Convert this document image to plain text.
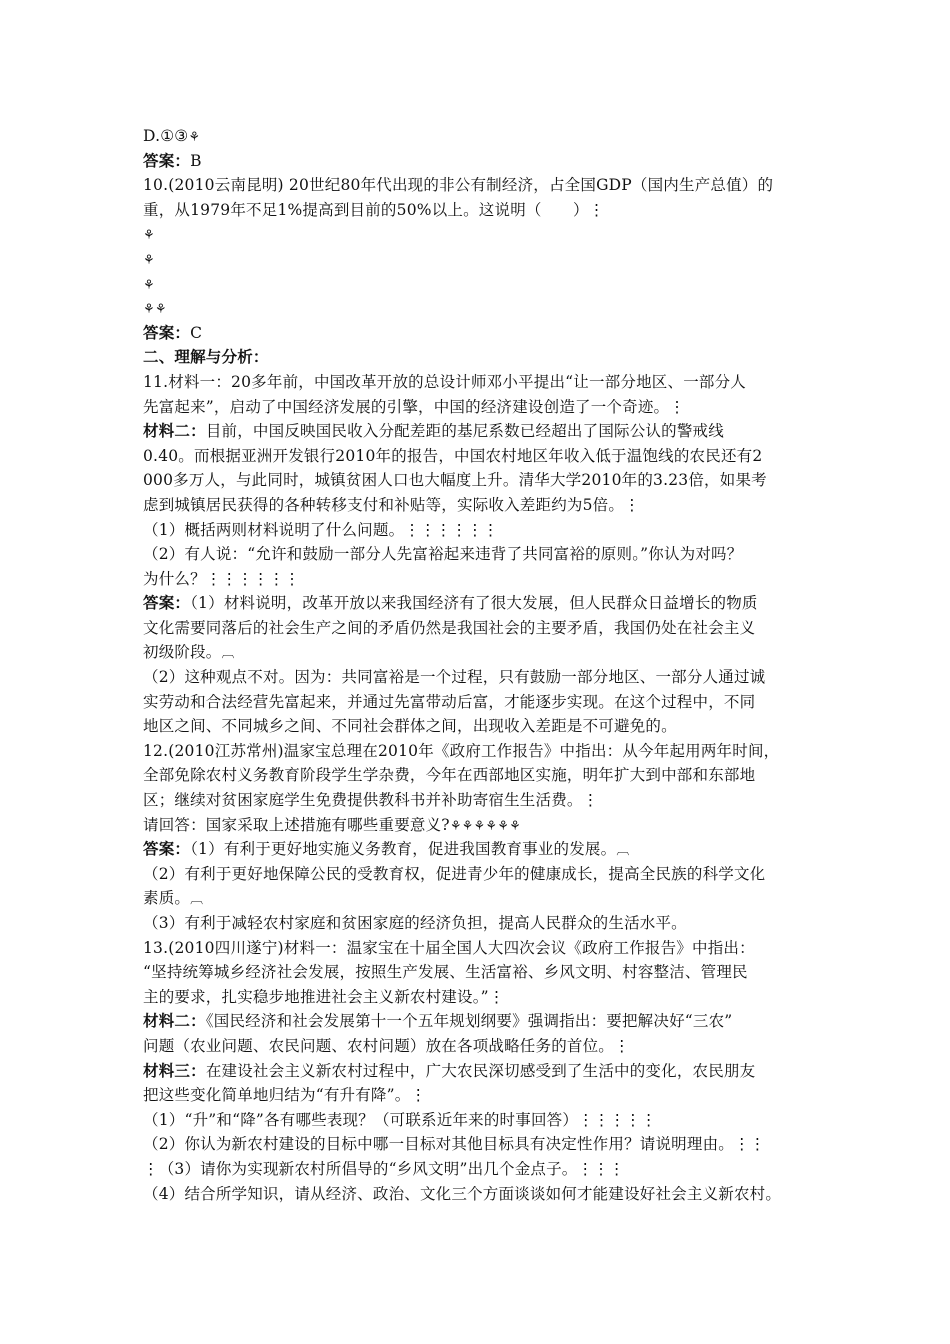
D.①③⚘
答案：B
10.(2010云南昆明) 20世纪80年代出现的非公有制经济，占全国GDP（国内生产总值）的
重，从1979年不足1%提高到目前的50%以上。这说明（　　）⋮
⚘
⚘
⚘
⚘⚘
答案：C
二、理解与分析：
11.材料一：20多年前，中国改革开放的总设计师邓小平提出“让一部分地区、一部分人
先富起来”，启动了中国经济发展的引擎，中国的经济建设创造了一个奇迹。⋮
材料二：目前，中国反映国民收入分配差距的基尼系数已经超出了国际公认的警戒线
0.40。而根据亚洲开发银行2010年的报告，中国农村地区年收入低于温饱线的农民还有2
000多万人，与此同时，城镇贫困人口也大幅度上升。清华大学2010年的3.23倍，如果考
虑到城镇居民获得的各种转移支付和补贴等，实际收入差距约为5倍。⋮
（1）概括两则材料说明了什么问题。⋮⋮⋮⋮⋮⋮
（2）有人说：“允许和鼓励一部分人先富裕起来违背了共同富裕的原则。”你认为对吗？
为什么？⋮⋮⋮⋮⋮⋮
答案：（1）材料说明，改革开放以来我国经济有了很大发展，但人民群众日益增长的物质
文化需要同落后的社会生产之间的矛盾仍然是我国社会的主要矛盾，我国仍处在社会主义
初级阶段。︹
（2）这种观点不对。因为：共同富裕是一个过程，只有鼓励一部分地区、一部分人通过诚
实劳动和合法经营先富起来，并通过先富带动后富，才能逐步实现。在这个过程中，不同
地区之间、不同城乡之间、不同社会群体之间，出现收入差距是不可避免的。
12.(2010江苏常州)温家宝总理在2010年《政府工作报告》中指出：从今年起用两年时间，
全部免除农村义务教育阶段学生学杂费，今年在西部地区实施，明年扩大到中部和东部地
区；继续对贫困家庭学生免费提供教科书并补助寄宿生生活费。⋮
请回答：国家采取上述措施有哪些重要意义?⚘⚘⚘⚘⚘⚘
答案：（1）有利于更好地实施义务教育，促进我国教育事业的发展。︹
（2）有利于更好地保障公民的受教育权，促进青少年的健康成长，提高全民族的科学文化
素质。︹
（3）有利于减轻农村家庭和贫困家庭的经济负担，提高人民群众的生活水平。
13.(2010四川遂宁)材料一：温家宝在十届全国人大四次会议《政府工作报告》中指出：
“坚持统筹城乡经济社会发展，按照生产发展、生活富裕、乡风文明、村容整洁、管理民
主的要求，扎实稳步地推进社会主义新农村建设。”⋮
材料二：《国民经济和社会发展第十一个五年规划纲要》强调指出：要把解决好“三农”
问题（农业问题、农民问题、农村问题）放在各项战略任务的首位。⋮
材料三：在建设社会主义新农村过程中，广大农民深切感受到了生活中的变化，农民朋友
把这些变化简单地归结为“有升有降”。⋮
（1）“升”和“降”各有哪些表现？（可联系近年来的时事回答）⋮⋮⋮⋮⋮
（2）你认为新农村建设的目标中哪一目标对其他目标具有决定性作用？请说明理由。⋮⋮
⋮（3）请你为实现新农村所倡导的“乡风文明”出几个金点子。⋮⋮⋮
（4）结合所学知识，请从经济、政治、文化三个方面谈谈如何才能建设好社会主义新农村。
